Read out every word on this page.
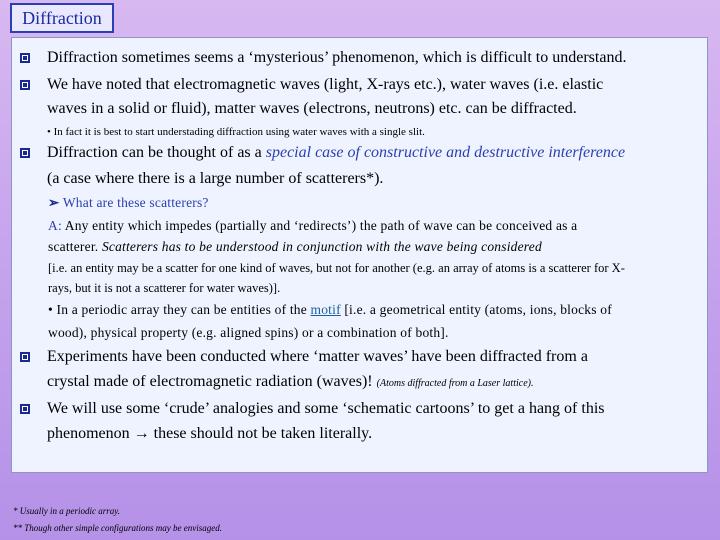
Diffraction
Diffraction sometimes seems a ‘mysterious’ phenomenon, which is difficult to understand.
We have noted that electromagnetic waves (light, X-rays etc.), water waves (i.e. elastic
waves in a solid or fluid), matter waves (electrons, neutrons) etc. can be diffracted.
• In fact it is best to start understading diffraction using water waves with a single slit.
Diffraction can be thought of as a special case of constructive and destructive interference
(a case where there is a large number of scatterers*).
➢ What are these scatterers?
A: Any entity which impedes (partially and ‘redirects’) the path of wave can be conceived as a
scatterer. Scatterers has to be understood in conjunction with the wave being considered
[i.e. an entity may be a scatter for one kind of waves, but not for another (e.g. an array of atoms is a scatterer for X-
rays, but it is not a scatterer for water waves)].
• In a periodic array they can be entities of the motif [i.e. a geometrical entity (atoms, ions, blocks of
wood), physical property (e.g. aligned spins) or a combination of both].
Experiments have been conducted where ‘matter waves’ have been diffracted from a
crystal made of electromagnetic radiation (waves)! (Atoms diffracted from a Laser lattice).
We will use some ‘crude’ analogies and some ‘schematic cartoons’ to get a hang of this
phenomenon → these should not be taken literally.
* Usually in a periodic array.
** Though other simple configurations may be envisaged.
